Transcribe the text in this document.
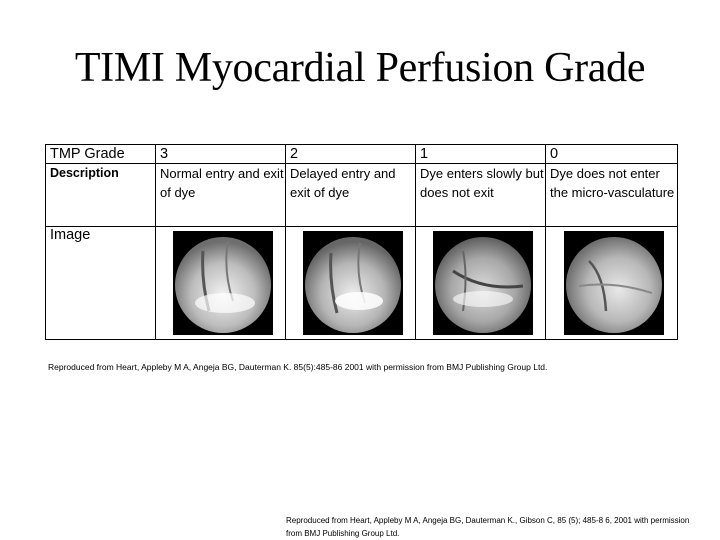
TIMI Myocardial Perfusion Grade
TMP Grade	3	2	1	0
Description	Normal entry and exit of dye	Delayed entry and exit of dye	Dye enters slowly but does not exit	Dye does not enter the micro-vasculature
Image	

Reproduced from Heart, Appleby M A, Angeja BG, Dauterman K. 85(5):485-86 2001 with permission from BMJ Publishing Group Ltd.
Reproduced from Heart, Appleby M A, Angeja BG, Dauterman K., Gibson C, 85 (5); 485-8 6, 2001 with permission from BMJ Publishing Group Ltd.
